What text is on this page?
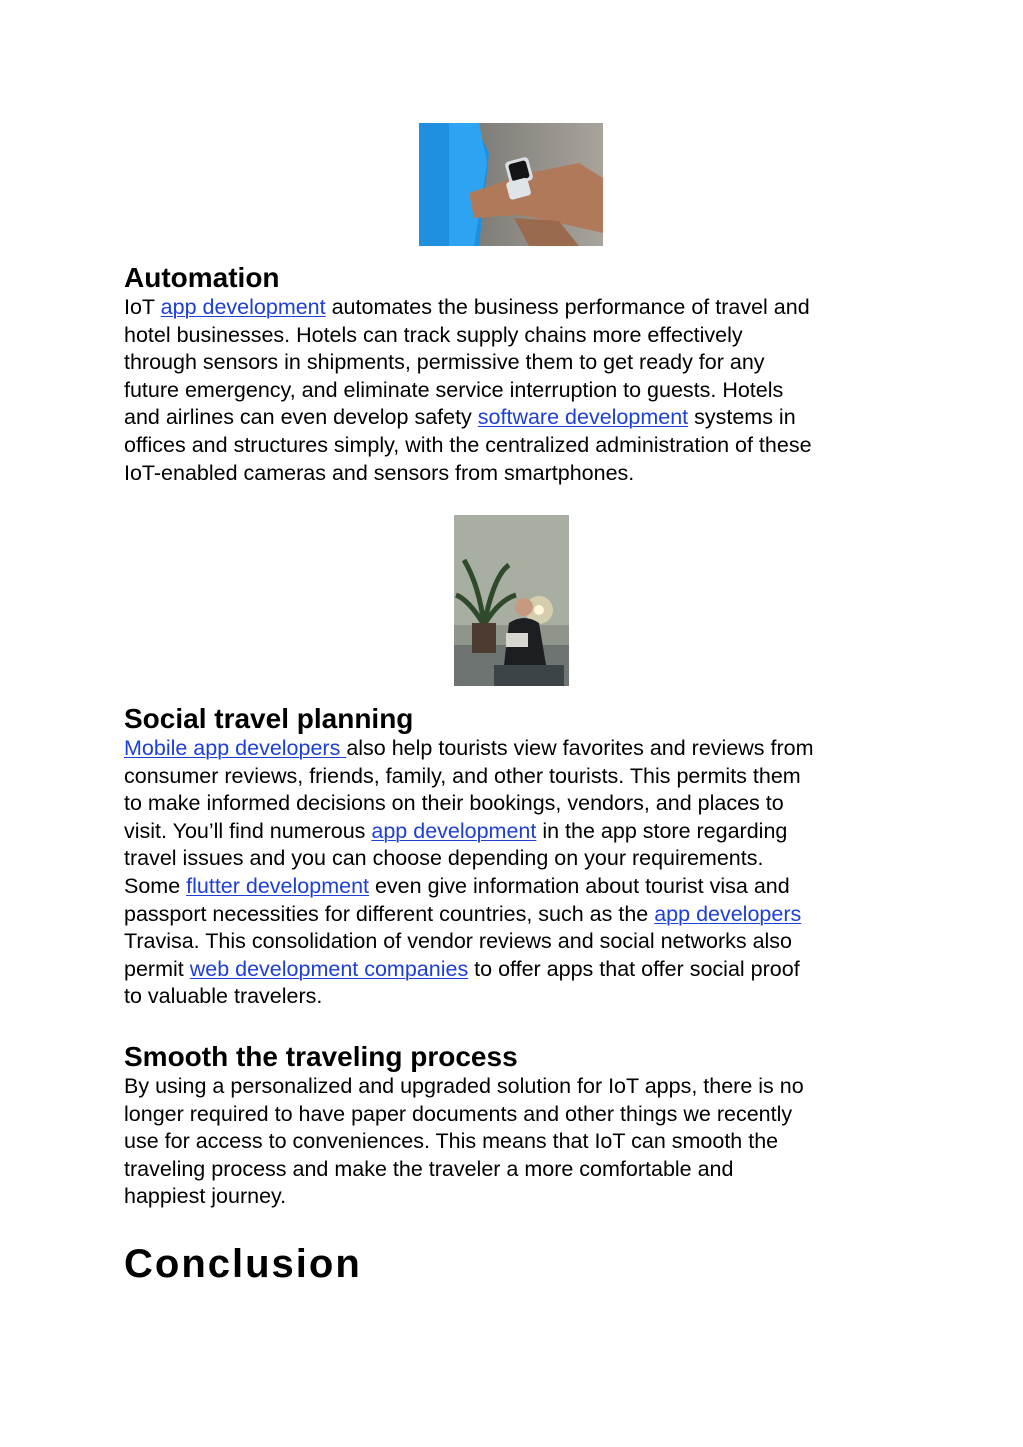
Automation

IoT app development automates the business performance of travel and
hotel businesses. Hotels can track supply chains more effectively
through sensors in shipments, permissive them to get ready for any
future emergency, and eliminate service interruption to guests. Hotels
and airlines can even develop safety software development systems in
offices and structures simply, with the centralized administration of these
IoT-enabled cameras and sensors from smartphones.

Social travel planning

Mobile app developers also help tourists view favorites and reviews from
consumer reviews, friends, family, and other tourists. This permits them
to make informed decisions on their bookings, vendors, and places to
visit. You’ll find numerous app development in the app store regarding
travel issues and you can choose depending on your requirements.
Some flutter development even give information about tourist visa and
passport necessities for different countries, such as the app developers
Travisa. This consolidation of vendor reviews and social networks also
permit web development companies to offer apps that offer social proof
to valuable travelers.

Smooth the traveling process

By using a personalized and upgraded solution for IoT apps, there is no
longer required to have paper documents and other things we recently
use for access to conveniences. This means that IoT can smooth the
traveling process and make the traveler a more comfortable and
happiest journey.

Conclusion
